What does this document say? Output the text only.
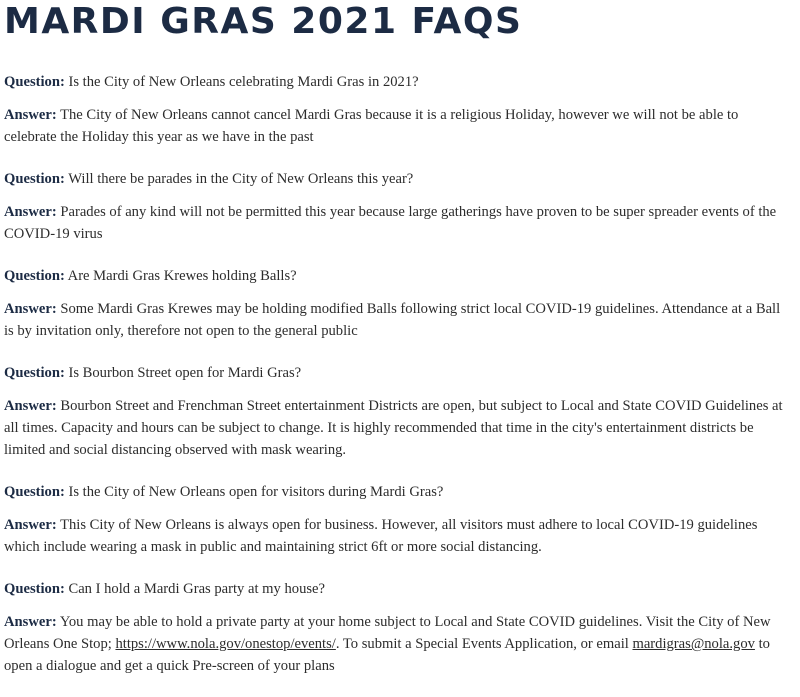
MARDI GRAS 2021 FAQS

Question: Is the City of New Orleans celebrating Mardi Gras in 2021?

Answer: The City of New Orleans cannot cancel Mardi Gras because it is a religious Holiday, however we will not be able to celebrate the Holiday this year as we have in the past

Question: Will there be parades in the City of New Orleans this year?

Answer: Parades of any kind will not be permitted this year because large gatherings have proven to be super spreader events of the COVID-19 virus

Question: Are Mardi Gras Krewes holding Balls?

Answer: Some Mardi Gras Krewes may be holding modified Balls following strict local COVID-19 guidelines. Attendance at a Ball is by invitation only, therefore not open to the general public

Question: Is Bourbon Street open for Mardi Gras?

Answer: Bourbon Street and Frenchman Street entertainment Districts are open, but subject to Local and State COVID Guidelines at all times. Capacity and hours can be subject to change. It is highly recommended that time in the city's entertainment districts be limited and social distancing observed with mask wearing.

Question: Is the City of New Orleans open for visitors during Mardi Gras?

Answer: This City of New Orleans is always open for business. However, all visitors must adhere to local COVID-19 guidelines which include wearing a mask in public and maintaining strict 6ft or more social distancing.

Question: Can I hold a Mardi Gras party at my house?

Answer: You may be able to hold a private party at your home subject to Local and State COVID guidelines. Visit the City of New Orleans One Stop; https://www.nola.gov/onestop/events/. To submit a Special Events Application, or email mardigras@nola.gov to open a dialogue and get a quick Pre-screen of your plans
